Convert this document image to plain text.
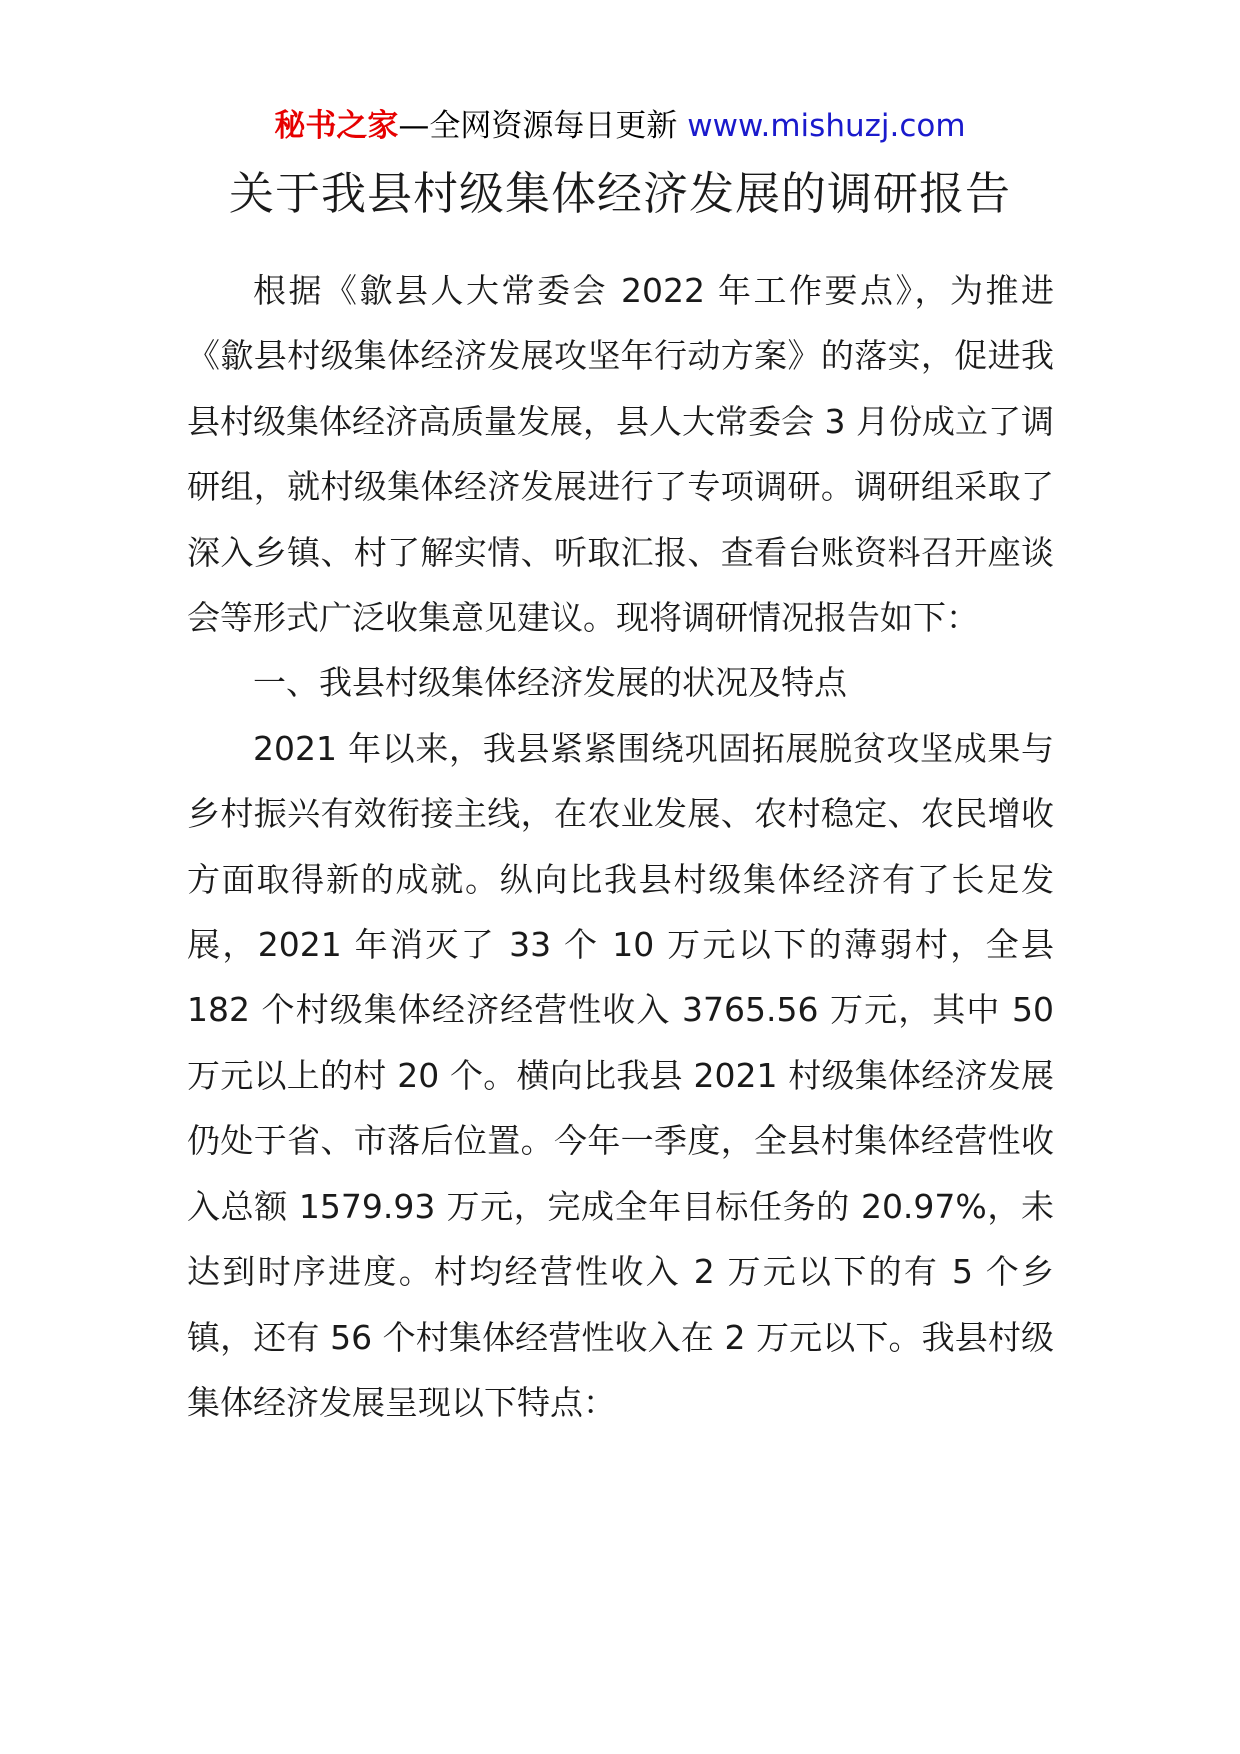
秘书之家—全网资源每日更新 www.mishuzj.com
关于我县村级集体经济发展的调研报告

根据《歙县人大常委会 2022 年工作要点》，为推进《歙县村级集体经济发展攻坚年行动方案》的落实，促进我县村级集体经济高质量发展，县人大常委会 3 月份成立了调研组，就村级集体经济发展进行了专项调研。调研组采取了深入乡镇、村了解实情、听取汇报、查看台账资料召开座谈会等形式广泛收集意见建议。现将调研情况报告如下：

一、我县村级集体经济发展的状况及特点

2021 年以来，我县紧紧围绕巩固拓展脱贫攻坚成果与乡村振兴有效衔接主线，在农业发展、农村稳定、农民增收方面取得新的成就。纵向比我县村级集体经济有了长足发展，2021 年消灭了 33 个 10 万元以下的薄弱村，全县 182 个村级集体经济经营性收入 3765.56 万元，其中 50 万元以上的村 20 个。横向比我县 2021 村级集体经济发展仍处于省、市落后位置。今年一季度，全县村集体经营性收入总额 1579.93 万元，完成全年目标任务的 20.97%，未达到时序进度。村均经营性收入 2 万元以下的有 5 个乡镇，还有 56 个村集体经营性收入在 2 万元以下。我县村级集体经济发展呈现以下特点：
